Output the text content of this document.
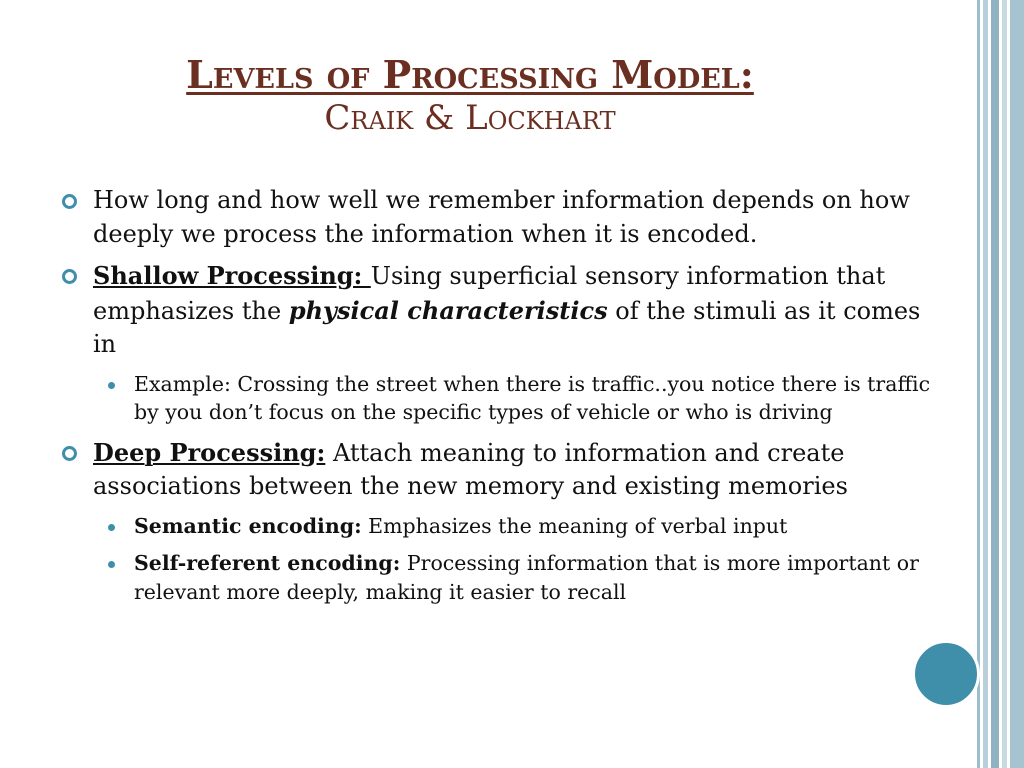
Levels of Processing Model:
Craik & Lockhart
How long and how well we remember information depends on how deeply we process the information when it is encoded.
Shallow Processing: Using superficial sensory information that emphasizes the physical characteristics of the stimuli as it comes in
Example: Crossing the street when there is traffic..you notice there is traffic by you don’t focus on the specific types of vehicle or who is driving
Deep Processing: Attach meaning to information and create associations between the new memory and existing memories
Semantic encoding: Emphasizes the meaning of verbal input
Self-referent encoding: Processing information that is more important or relevant more deeply, making it easier to recall
